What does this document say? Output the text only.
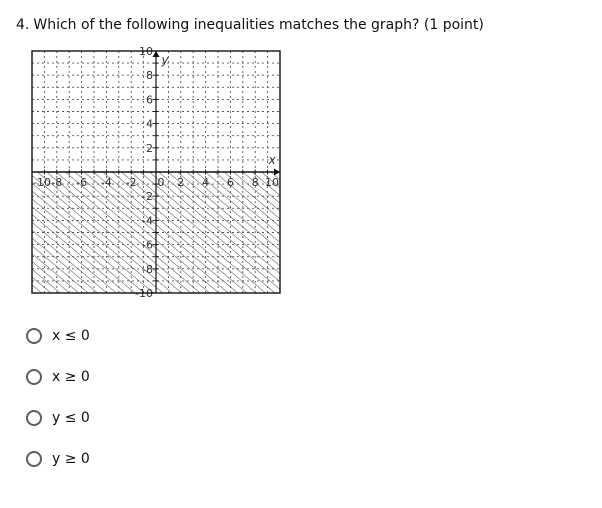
4. Which of the following inequalities matches the graph? (1 point)
-10 -8 -6 -4 -2 0 2 4 6 8 10
10
8
6
4
2
-2
-4
-6
-8
-10
x
y
x ≤ 0
x ≥ 0
y ≤ 0
y ≥ 0
